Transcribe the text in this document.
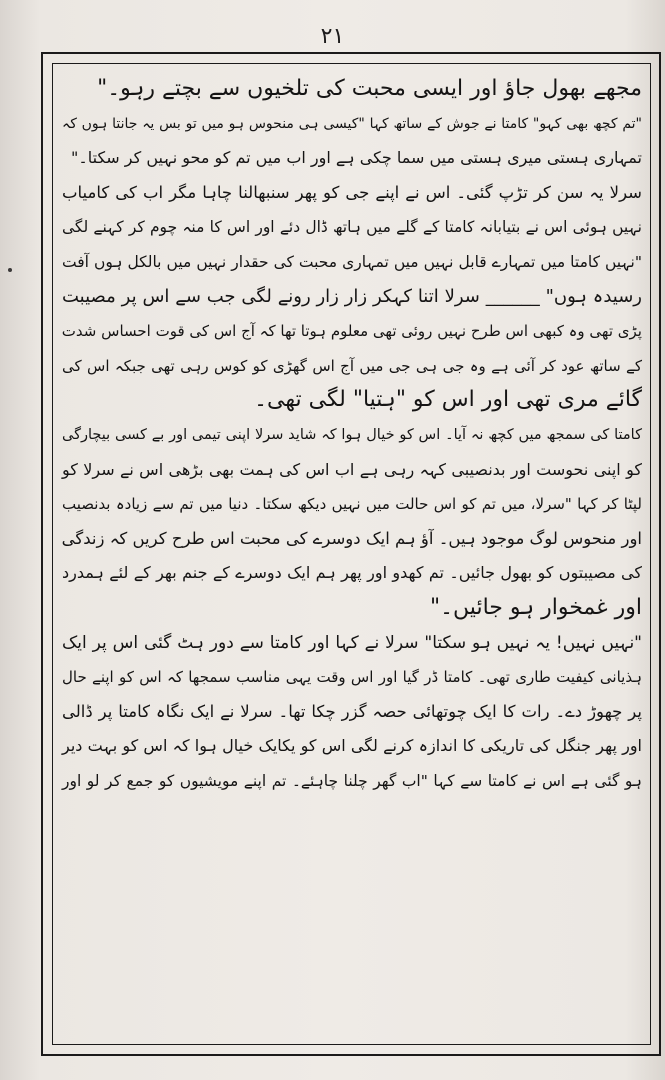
۲۱
مجھے بھول جاؤ اور ایسی محبت کی تلخیوں سے بچتے رہو۔"
"تم کچھ بھی کہو" کامتا نے جوش کے ساتھ کہا "کیسی ہی منحوس ہو میں تو بس یہ جانتا ہوں کہ
تمہاری ہستی میری ہستی میں سما چکی ہے اور اب میں تم کو محو نہیں کر سکتا۔"
سرلا یہ سن کر تڑپ گئی۔ اس نے اپنے جی کو پھر سنبھالنا چاہا مگر اب کی کامیاب
نہیں ہوئی اس نے بتیابانہ کامتا کے گلے میں ہاتھ ڈال دئے اور اس کا منہ چوم کر کہنے لگی
"نہیں کامتا میں تمہارے قابل نہیں میں تمہاری محبت کی حقدار نہیں میں بالکل ہوں آفت
رسیدہ ہوں" ______ سرلا اتنا کہکر زار زار رونے لگی جب سے اس پر مصیبت
پڑی تھی وہ کبھی اس طرح نہیں روئی تھی معلوم ہوتا تھا کہ آج اس کی قوت احساس شدت
کے ساتھ عود کر آئی ہے وہ جی ہی جی میں آج اس گھڑی کو کوس رہی تھی جبکہ اس کی
گائے مری تھی اور اس کو "ہتیا" لگی تھی۔
کامتا کی سمجھ میں کچھ نہ آیا۔ اس کو خیال ہوا کہ شاید سرلا اپنی تیمی اور بے کسی بیچارگی
کو اپنی نحوست اور بدنصیبی کہہ رہی ہے اب اس کی ہمت بھی بڑھی اس نے سرلا کو
لپٹا کر کہا "سرلا، میں تم کو اس حالت میں نہیں دیکھ سکتا۔ دنیا میں تم سے زیادہ بدنصیب
اور منحوس لوگ موجود ہیں۔ آؤ ہم ایک دوسرے کی محبت اس طرح کریں کہ زندگی
کی مصیبتوں کو بھول جائیں۔ تم کھدو اور پھر ہم ایک دوسرے کے جنم بھر کے لئے ہمدرد
اور غمخوار ہو جائیں۔"
"نہیں نہیں! یہ نہیں ہو سکتا" سرلا نے کہا اور کامتا سے دور ہٹ گئی اس پر ایک
ہذیانی کیفیت طاری تھی۔ کامتا ڈر گیا اور اس وقت یہی مناسب سمجھا کہ اس کو اپنے حال
پر چھوڑ دے۔ رات کا ایک چوتھائی حصہ گزر چکا تھا۔ سرلا نے ایک نگاہ کامتا پر ڈالی
اور پھر جنگل کی تاریکی کا اندازہ کرنے لگی اس کو یکایک خیال ہوا کہ اس کو بہت دیر
ہو گئی ہے اس نے کامتا سے کہا "اب گھر چلنا چاہئے۔ تم اپنے مویشیوں کو جمع کر لو اور
